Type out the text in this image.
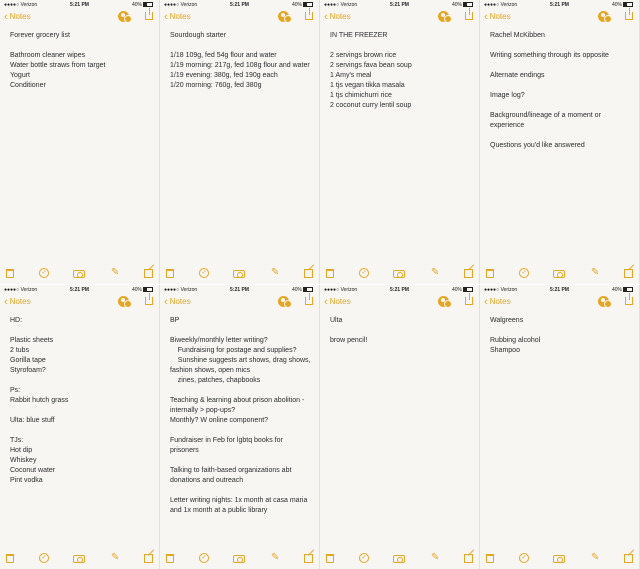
●●●●○ Verizon	5:21 PM	40%
‹ Notes
Forever grocery list

Bathroom cleaner wipes
Water bottle straws from target
Yogurt
Conditioner
✓	✎
●●●●○ Verizon	5:21 PM	40%
‹ Notes
Sourdough starter

1/18 109g, fed 54g flour and water
1/19 morning: 217g, fed 108g flour and water
1/19 evening: 380g, fed 190g each
1/20 morning: 760g, fed 380g
✓	✎
●●●●○ Verizon	5:21 PM	40%
‹ Notes
IN THE FREEZER

2 servings brown rice
2 servings fava bean soup
1 Amy's meal
1 tjs vegan tikka masala
1 tjs chimichurri rice
2 coconut curry lentil soup
✓	✎
●●●●○ Verizon	5:21 PM	40%
‹ Notes
Rachel McKibben

Writing something through its opposite

Alternate endings

Image log?

Background/lineage of a moment or experience

Questions you'd like answered
✓	✎
●●●●○ Verizon	5:21 PM	40%
‹ Notes
HD:

Plastic sheets
2 tubs
Gorilla tape
Styrofoam?

Ps:
Rabbit hutch grass

Ulta: blue stuff

TJs:
Hot dip
Whiskey
Coconut water
Pint vodka
✓	✎
●●●●○ Verizon	5:21 PM	40%
‹ Notes
BP

Biweekly/monthly letter writing?
Fundraising for postage and supplies?
Sunshine suggests art shows, drag shows, fashion shows, open mics
zines, patches, chapbooks

Teaching & learning about prison abolition - internally > pop-ups?
Monthly? W online component?

Fundraiser in Feb for lgbtq books for prisoners

Talking to faith-based organizations abt donations and outreach

Letter writing nights: 1x month at casa maria and 1x month at a public library
✓	✎
●●●●○ Verizon	5:21 PM	40%
‹ Notes
Ulta

brow pencil!
✓	✎
●●●●○ Verizon	5:21 PM	40%
‹ Notes
Walgreens

Rubbing alcohol
Shampoo
✓	✎
